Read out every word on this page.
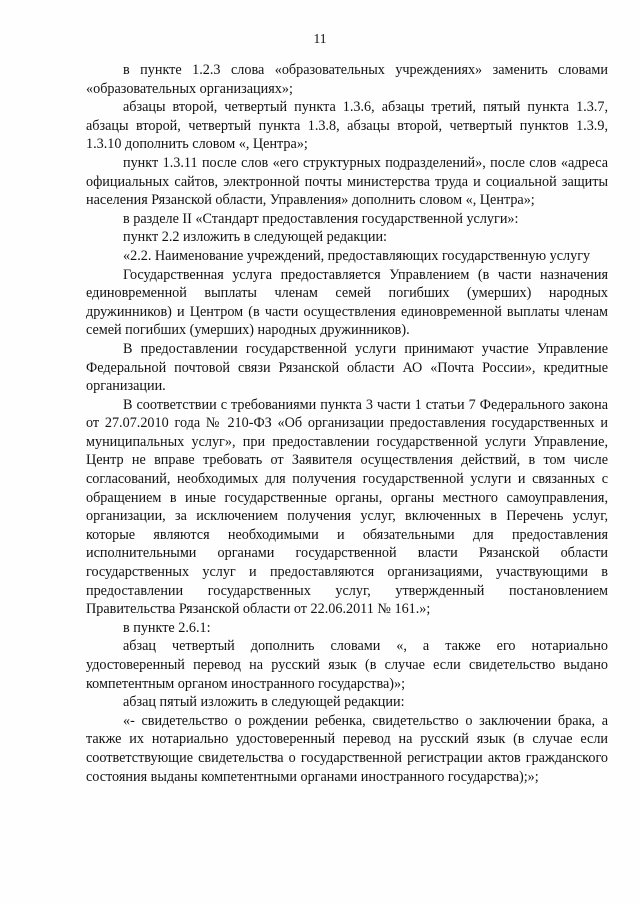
11

в пункте 1.2.3 слова «образовательных учреждениях» заменить словами «образовательных организациях»;

абзацы второй, четвертый пункта 1.3.6, абзацы третий, пятый пункта 1.3.7, абзацы второй, четвертый пункта 1.3.8, абзацы второй, четвертый пунктов 1.3.9, 1.3.10 дополнить словом «, Центра»;

пункт 1.3.11 после слов «его структурных подразделений», после слов «адреса официальных сайтов, электронной почты министерства труда и социальной защиты населения Рязанской области, Управления» дополнить словом «, Центра»;

в разделе II «Стандарт предоставления государственной услуги»:

пункт 2.2 изложить в следующей редакции:

«2.2. Наименование учреждений, предоставляющих государственную услугу

Государственная услуга предоставляется Управлением (в части назначения единовременной выплаты членам семей погибших (умерших) народных дружинников) и Центром (в части осуществления единовременной выплаты членам семей погибших (умерших) народных дружинников).

В предоставлении государственной услуги принимают участие Управление Федеральной почтовой связи Рязанской области АО «Почта России», кредитные организации.

В соответствии с требованиями пункта 3 части 1 статьи 7 Федерального закона от 27.07.2010 года № 210-ФЗ «Об организации предоставления государственных и муниципальных услуг», при предоставлении государственной услуги Управление, Центр не вправе требовать от Заявителя осуществления действий, в том числе согласований, необходимых для получения государственной услуги и связанных с обращением в иные государственные органы, органы местного самоуправления, организации, за исключением получения услуг, включенных в Перечень услуг, которые являются необходимыми и обязательными для предоставления исполнительными органами государственной власти Рязанской области государственных услуг и предоставляются организациями, участвующими в предоставлении государственных услуг, утвержденный постановлением Правительства Рязанской области от 22.06.2011 № 161.»;

в пункте 2.6.1:

абзац четвертый дополнить словами «, а также его нотариально удостоверенный перевод на русский язык (в случае если свидетельство выдано компетентным органом иностранного государства)»;

абзац пятый изложить в следующей редакции:

«- свидетельство о рождении ребенка, свидетельство о заключении брака, а также их нотариально удостоверенный перевод на русский язык (в случае если соответствующие свидетельства о государственной регистрации актов гражданского состояния выданы компетентными органами иностранного государства);»;
